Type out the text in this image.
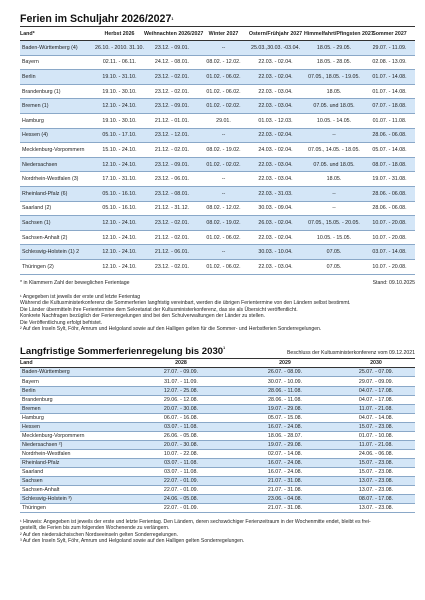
Ferien im Schuljahr 2026/2027$^1$
Land*	Herbst 2026	Weihnachten 2026/2027	Winter 2027	Ostern/Frühjahr 2027	Himmelfahrt/Pfingsten 2027	Sommer 2027
Baden-Württemberg (4)	26.10. - 2010. 31.10.	23.12. - 09.01.	--	25.03.,30.03. -03.04.	18.05. - 29.05.	29.07. - 11.09.
Bayern	02.11. - 06.11.	24.12. - 08.01.	08.02. - 12.02.	22.03. - 02.04.	18.05. - 28.05.	02.08. - 13.09.
Berlin	19.10. - 31.10.	23.12. - 02.01.	01.02. - 06.02.	22.03. - 02.04.	07.05., 18.05. - 19.05.	01.07. - 14.08.
Brandenburg (1)	19.10. - 30.10.	23.12. - 02.01.	01.02. - 06.02.	22.03. - 03.04.	18.05.	01.07. - 14.08.
Bremen (1)	12.10. - 24.10.	23.12. - 09.01.	01.02. - 02.02.	22.03. - 03.04.	07.05. und 18.05.	07.07. - 18.08.
Hamburg	19.10. - 30.10.	21.12. - 01.01.	29.01.	01.03. - 12.03.	10.05. - 14.05.	01.07. - 11.08.
Hessen (4)	05.10. - 17.10.	23.12. - 12.01.	--	22.03. - 02.04.	--	28.06. - 06.08.
Mecklenburg-Vorpommern	15.10. - 24.10.	21.12. - 02.01.	08.02. - 19.02.	24.03. - 02.04.	07.05., 14.05. - 18.05.	05.07. - 14.08.
Niedersachsen	12.10. - 24.10.	23.12. - 09.01.	01.02. - 02.02.	22.03. - 03.04.	07.05. und 18.05.	08.07. - 18.08.
Nordrhein-Westfalen (3)	17.10. - 31.10.	23.12. - 06.01.	--	22.03. - 03.04.	18.05.	19.07. - 31.08.
Rheinland-Pfalz (6)	05.10. - 16.10.	23.12. - 08.01.	--	22.03. - 31.03.	--	28.06. - 06.08.
Saarland (2)	05.10. - 16.10.	21.12. - 31.12.	08.02. - 12.02.	30.03. - 09.04.	--	28.06. - 06.08.
Sachsen (1)	12.10. - 24.10.	23.12. - 02.01.	08.02. - 19.02.	26.03. - 02.04.	07.05., 15.05. - 20.05.	10.07. - 20.08.
Sachsen-Anhalt (2)	12.10. - 24.10.	21.12. - 02.01.	01.02. - 06.02.	22.03. - 02.04.	10.05. - 15.05.	10.07. - 20.08.
Schleswig-Holstein (1) 2	12.10. - 24.10.	21.12. - 06.01.	--	30.03. - 10.04.	07.05.	03.07. - 14.08.
Thüringen (2)	12.10. - 24.10.	23.12. - 02.01.	01.02. - 06.02.	22.03. - 03.04.	07.05.	10.07. - 20.08.
* in Klammern Zahl der beweglichen Ferientage	Stand: 09.10.2025

¹ Angegeben ist jeweils der erste und letzte Ferientag

Während die Kultusministerkonferenz die Sommerferien langfristig vereinbart, werden die übrigen Ferientermine von den Ländern selbst bestimmt.

Die Länder übermitteln ihre Ferientermine dem Sekretariat der Kultusministerkonferenz, das sie als Übersicht veröffentlicht.

Konkrete Nachfragen bezüglich der Ferienregelungen sind bei den Schulverwaltungen der Länder zu stellen.

Die Veröffentlichung erfolgt befristet.

² Auf den Inseln Sylt, Föhr, Amrum und Helgoland sowie auf den Halligen gelten für die Sommer- und Herbstferien Sonderregelungen.

Langfristige Sommerferienregelung bis 2030$^1$
Beschluss der Kultusministerkonferenz vom 09.12.2021
Land	2028	2029	2030
Baden-Württemberg	27.07. - 09.09.	26.07. - 08.09.	25.07. - 07.09.
Bayern	31.07. - 11.09.	30.07. - 10.09.	29.07. - 09.09.
Berlin	12.07. - 25.08.	28.06. - 11.08.	04.07. - 17.08.
Brandenburg	29.06. - 12.08.	28.06. - 11.08.	04.07. - 17.08.
Bremen	20.07. - 30.08.	19.07. - 29.08.	11.07. - 21.08.
Hamburg	06.07. - 16.08.	05.07. - 15.08.	04.07. - 14.08.
Hessen	03.07. - 11.08.	16.07. - 24.08.	15.07. - 23.08.
Mecklenburg-Vorpommern	26.06. - 05.08.	18.06. - 28.07.	01.07. - 10.08.
Niedersachsen ²)	20.07. - 30.08.	19.07. - 29.08.	11.07. - 21.08.
Nordrhein-Westfalen	10.07. - 22.08.	02.07. - 14.08.	24.06. - 06.08.
Rheinland-Pfalz	03.07. - 11.08.	16.07. - 24.08.	15.07. - 23.08.
Saarland	03.07. - 11.08.	16.07. - 24.08.	15.07. - 23.08.
Sachsen	22.07. - 01.09.	21.07. - 31.08.	13.07. - 23.08.
Sachsen-Anhalt	22.07. - 01.09.	21.07. - 31.08.	13.07. - 23.08.
Schleswig-Holstein ³)	24.06. - 05.08.	23.06. - 04.08.	08.07. - 17.08.
Thüringen	22.07. - 01.09.	21.07. - 31.08.	13.07. - 23.08.

¹ Hinweis: Angegeben ist jeweils der erste und letzte Ferientag. Den Ländern, deren sechswöchiger Ferienzeitraum in der Wochenmitte endet, bleibt es frei-

gestellt, die Ferien bis zum folgenden Wochenende zu verlängern.

² Auf den niedersächsischen Nordseeinseln gelten Sonderregelungen.

³ Auf den Inseln Sylt, Föhr, Amrum und Helgoland sowie auf den Halligen gelten Sonderregelungen.
